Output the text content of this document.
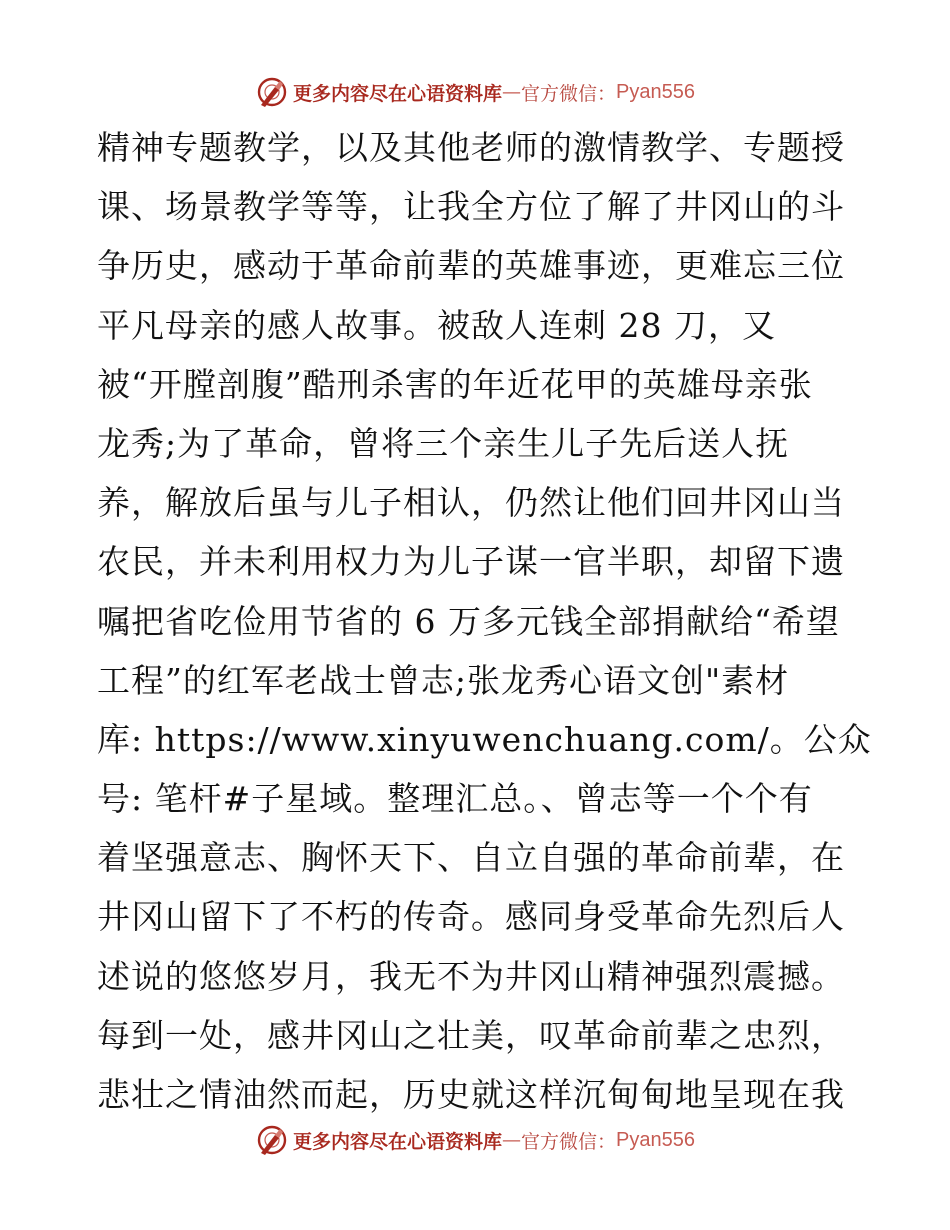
更多内容尽在心语资料库 — 官方微信： Pyan556
精神专题教学，以及其他老师的激情教学、专题授
课、场景教学等等，让我全方位了解了井冈山的斗
争历史，感动于革命前辈的英雄事迹，更难忘三位
平凡母亲的感人故事。被敌人连刺 28 刀，又
被“开膛剖腹”酷刑杀害的年近花甲的英雄母亲张
龙秀;为了革命，曾将三个亲生儿子先后送人抚
养，解放后虽与儿子相认，仍然让他们回井冈山当
农民，并未利用权力为儿子谋一官半职，却留下遗
嘱把省吃俭用节省的 6 万多元钱全部捐献给“希望
工程”的红军老战士曾志;张龙秀心语文创"素材
库: https://www.xinyuwenchuang.com/。公众
号: 笔杆#子星域。整理汇总。、曾志等一个个有
着坚强意志、胸怀天下、自立自强的革命前辈，在
井冈山留下了不朽的传奇。感同身受革命先烈后人
述说的悠悠岁月，我无不为井冈山精神强烈震撼。
每到一处，感井冈山之壮美，叹革命前辈之忠烈，
悲壮之情油然而起，历史就这样沉甸甸地呈现在我
更多内容尽在心语资料库 — 官方微信： Pyan556
